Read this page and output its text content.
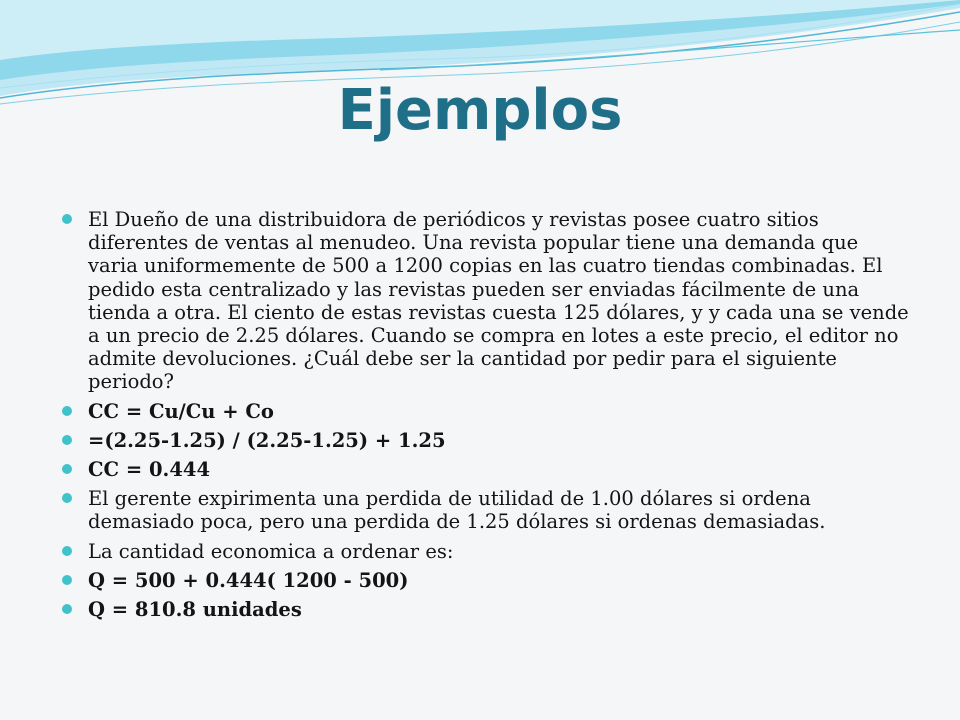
Ejemplos
El Dueño de una distribuidora de periódicos y revistas posee cuatro sitios diferentes de ventas al menudeo. Una revista popular tiene una demanda que varia uniformemente de 500 a 1200 copias en las cuatro tiendas combinadas. El pedido esta centralizado y las revistas pueden ser enviadas fácilmente de una tienda a otra. El ciento de estas revistas cuesta 125 dólares, y y cada una se vende a un precio de 2.25 dólares. Cuando se compra en lotes a este precio, el editor no admite devoluciones. ¿Cuál debe ser la cantidad por pedir para el siguiente periodo?
CC = Cu/Cu + Co
=(2.25-1.25) / (2.25-1.25) + 1.25
CC = 0.444
El gerente expirimenta una perdida de utilidad de 1.00 dólares si ordena demasiado poca, pero una perdida de 1.25 dólares si ordenas demasiadas.
La cantidad economica a ordenar es:
Q = 500 + 0.444( 1200 - 500)
Q = 810.8 unidades
